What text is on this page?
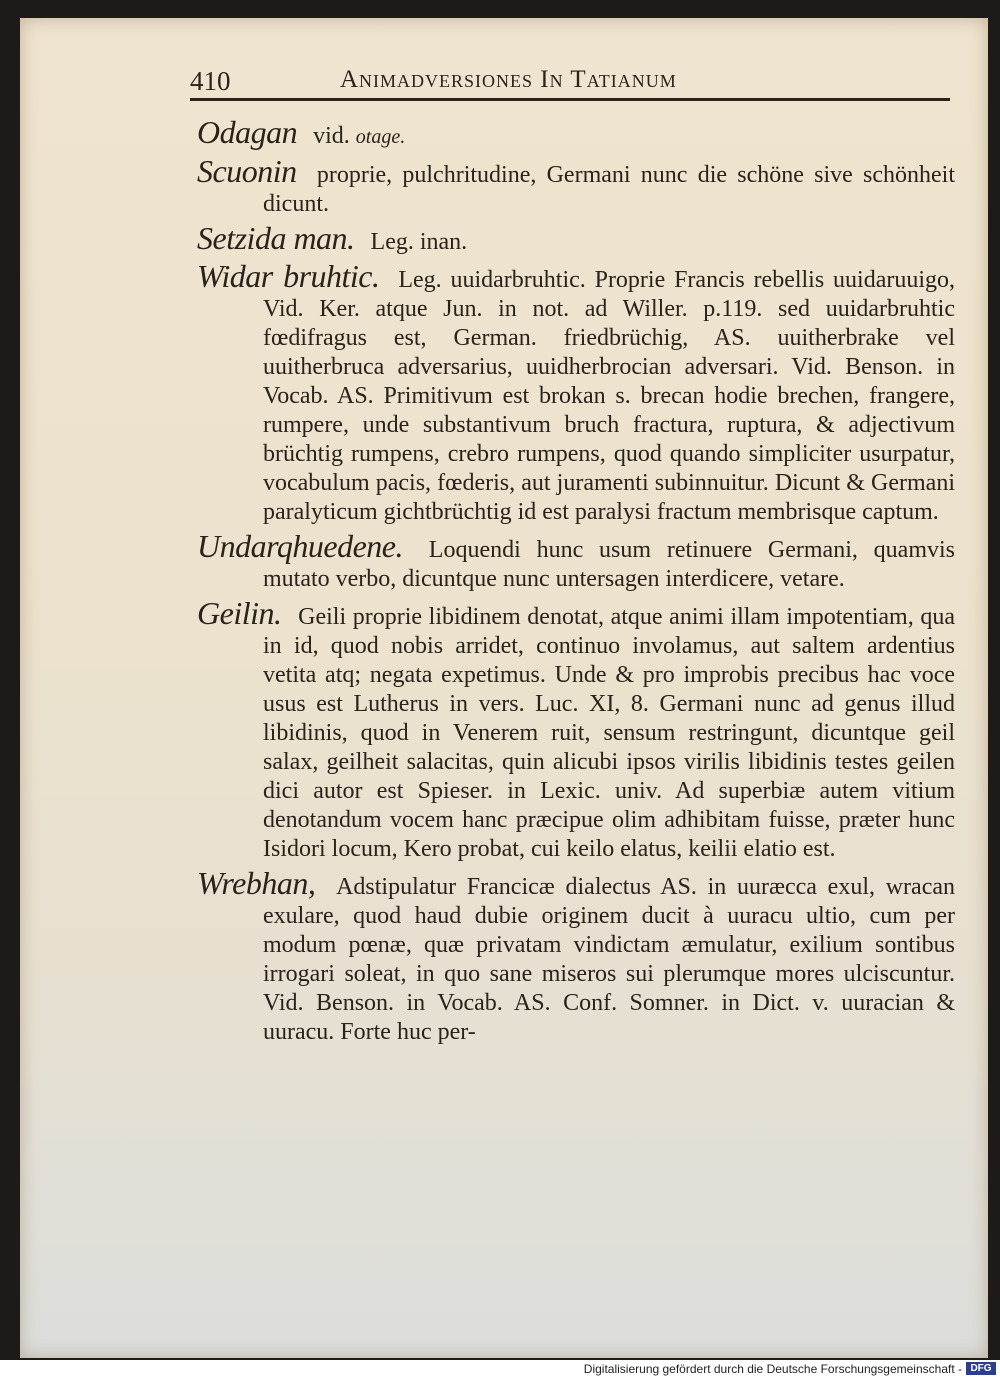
410	Animadversiones In Tatianum
Odagan vid.

otage.
Scuonin proprie, pulchritudine, Germani nunc die schöne sive schönheit dicunt.

Setzida man. Leg. inan.

Widar bruhtic. Leg. uuidarbruhtic. Proprie Francis rebellis uuidaruuigo, Vid. Ker. atque Jun. in not. ad Willer. p.119. sed uuidarbruhtic fœdifragus est, German. friedbrüchig, AS. uuitherbrake vel uuitherbruca adversarius, uuidherbrocian adversari. Vid. Benson. in Vocab. AS. Primitivum est brokan s. brecan hodie brechen, frangere, rumpere, unde substantivum bruch fractura, ruptura, & adjectivum brüchtig rumpens, crebro rumpens, quod quando simpliciter usurpatur, vocabulum pacis, fœderis, aut juramenti subinnuitur. Dicunt & Germani paralyticum gichtbrüchtig id est paralysi fractum membrisque captum.

Undarqhuedene. Loquendi hunc usum retinuere Germani, quamvis mutato verbo, dicuntque nunc untersagen interdicere, vetare.

Geilin. Geili proprie libidinem denotat, atque animi illam impotentiam, qua in id, quod nobis arridet, continuo involamus, aut saltem ardentius vetita atq; negata expetimus. Unde & pro improbis precibus hac voce usus est Lutherus in vers. Luc. XI, 8. Germani nunc ad genus illud libidinis, quod in Venerem ruit, sensum restringunt, dicuntque geil salax, geilheit salacitas, quin alicubi ipsos virilis libidinis testes geilen dici autor est Spieser. in Lexic. univ. Ad superbiæ autem vitium denotandum vocem hanc præcipue olim adhibitam fuisse, præter hunc Isidori locum, Kero probat, cui keilo elatus, keilii elatio est.

Wrebhan, Adstipulatur Francicæ dialectus AS. in uuræcca exul, wracan exulare, quod haud dubie originem ducit à uuracu ultio, cum per modum pœnæ, quæ privatam vindictam æmulatur, exilium sontibus irrogari soleat, in quo sane miseros sui plerumque mores ulciscuntur. Vid. Benson. in Vocab. AS. Conf. Somner. in Dict. v. uuracian & uuracu. Forte huc per-

Digitalisierung gefördert durch die Deutsche Forschungsgemeinschaft - DFG
